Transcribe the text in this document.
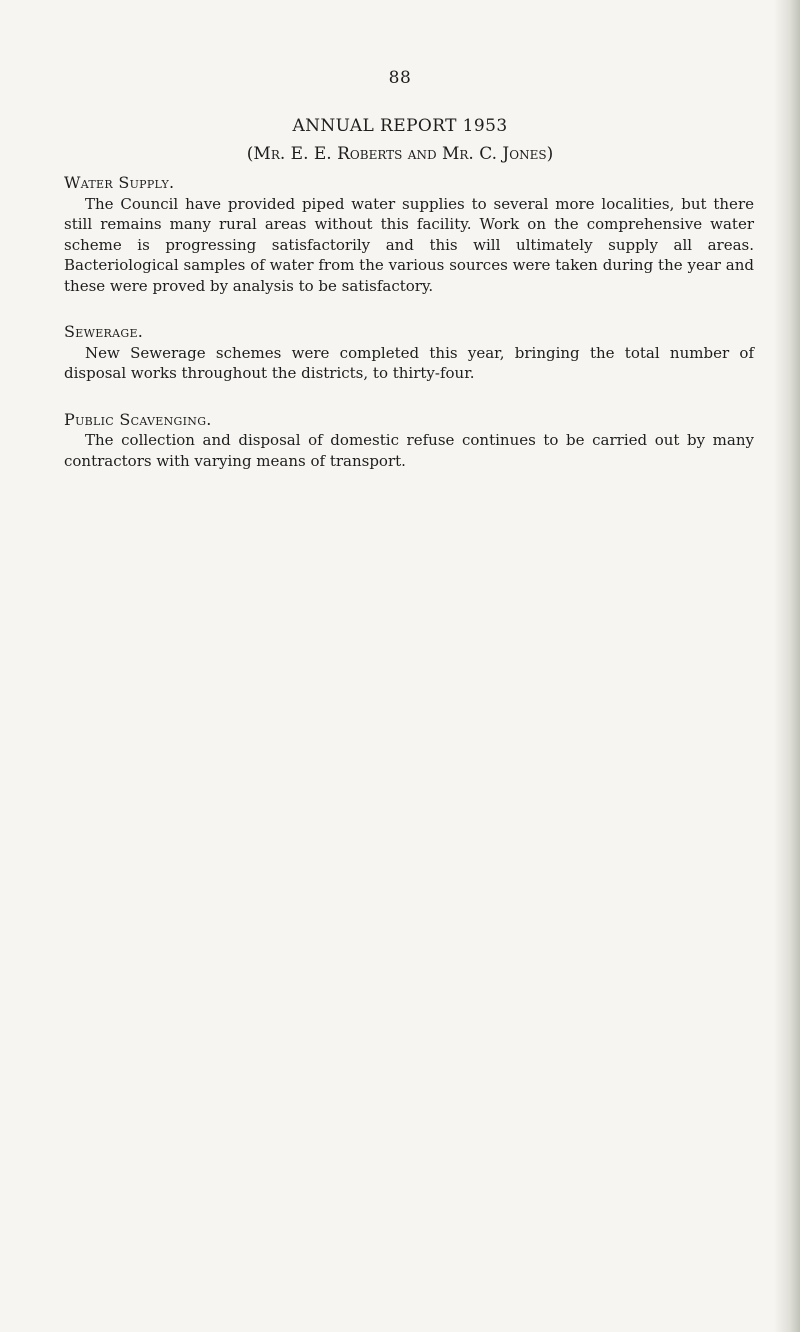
88
ANNUAL REPORT 1953
(Mr. E. E. Roberts and Mr. C. Jones)
Water Supply.

The Council have provided piped water supplies to several more localities, but there still remains many rural areas without this facility. Work on the comprehensive water scheme is progressing satisfactorily and this will ultimately supply all areas. Bacteriological samples of water from the various sources were taken during the year and these were proved by analysis to be satisfactory.

Sewerage.

New Sewerage schemes were completed this year, bringing the total number of disposal works throughout the districts, to thirty-four.

Public Scavenging.

The collection and disposal of domestic refuse continues to be carried out by many contractors with varying means of transport.
